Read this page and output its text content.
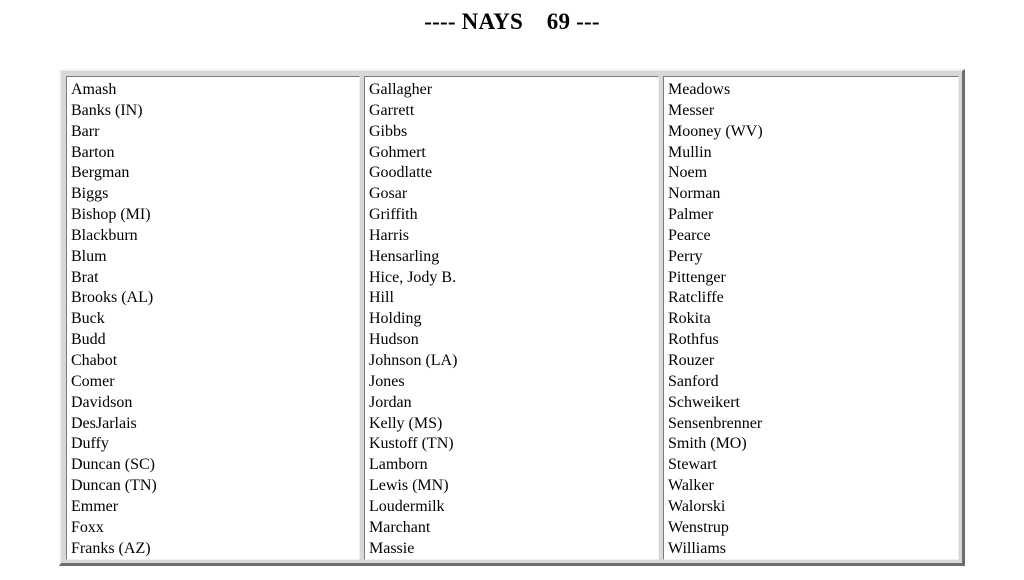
---- NAYS    69 ---
Amash
Banks (IN)
Barr
Barton
Bergman
Biggs
Bishop (MI)
Blackburn
Blum
Brat
Brooks (AL)
Buck
Budd
Chabot
Comer
Davidson
DesJarlais
Duffy
Duncan (SC)
Duncan (TN)
Emmer
Foxx
Franks (AZ)
Gallagher
Garrett
Gibbs
Gohmert
Goodlatte
Gosar
Griffith
Harris
Hensarling
Hice, Jody B.
Hill
Holding
Hudson
Johnson (LA)
Jones
Jordan
Kelly (MS)
Kustoff (TN)
Lamborn
Lewis (MN)
Loudermilk
Marchant
Massie
Meadows
Messer
Mooney (WV)
Mullin
Noem
Norman
Palmer
Pearce
Perry
Pittenger
Ratcliffe
Rokita
Rothfus
Rouzer
Sanford
Schweikert
Sensenbrenner
Smith (MO)
Stewart
Walker
Walorski
Wenstrup
Williams
